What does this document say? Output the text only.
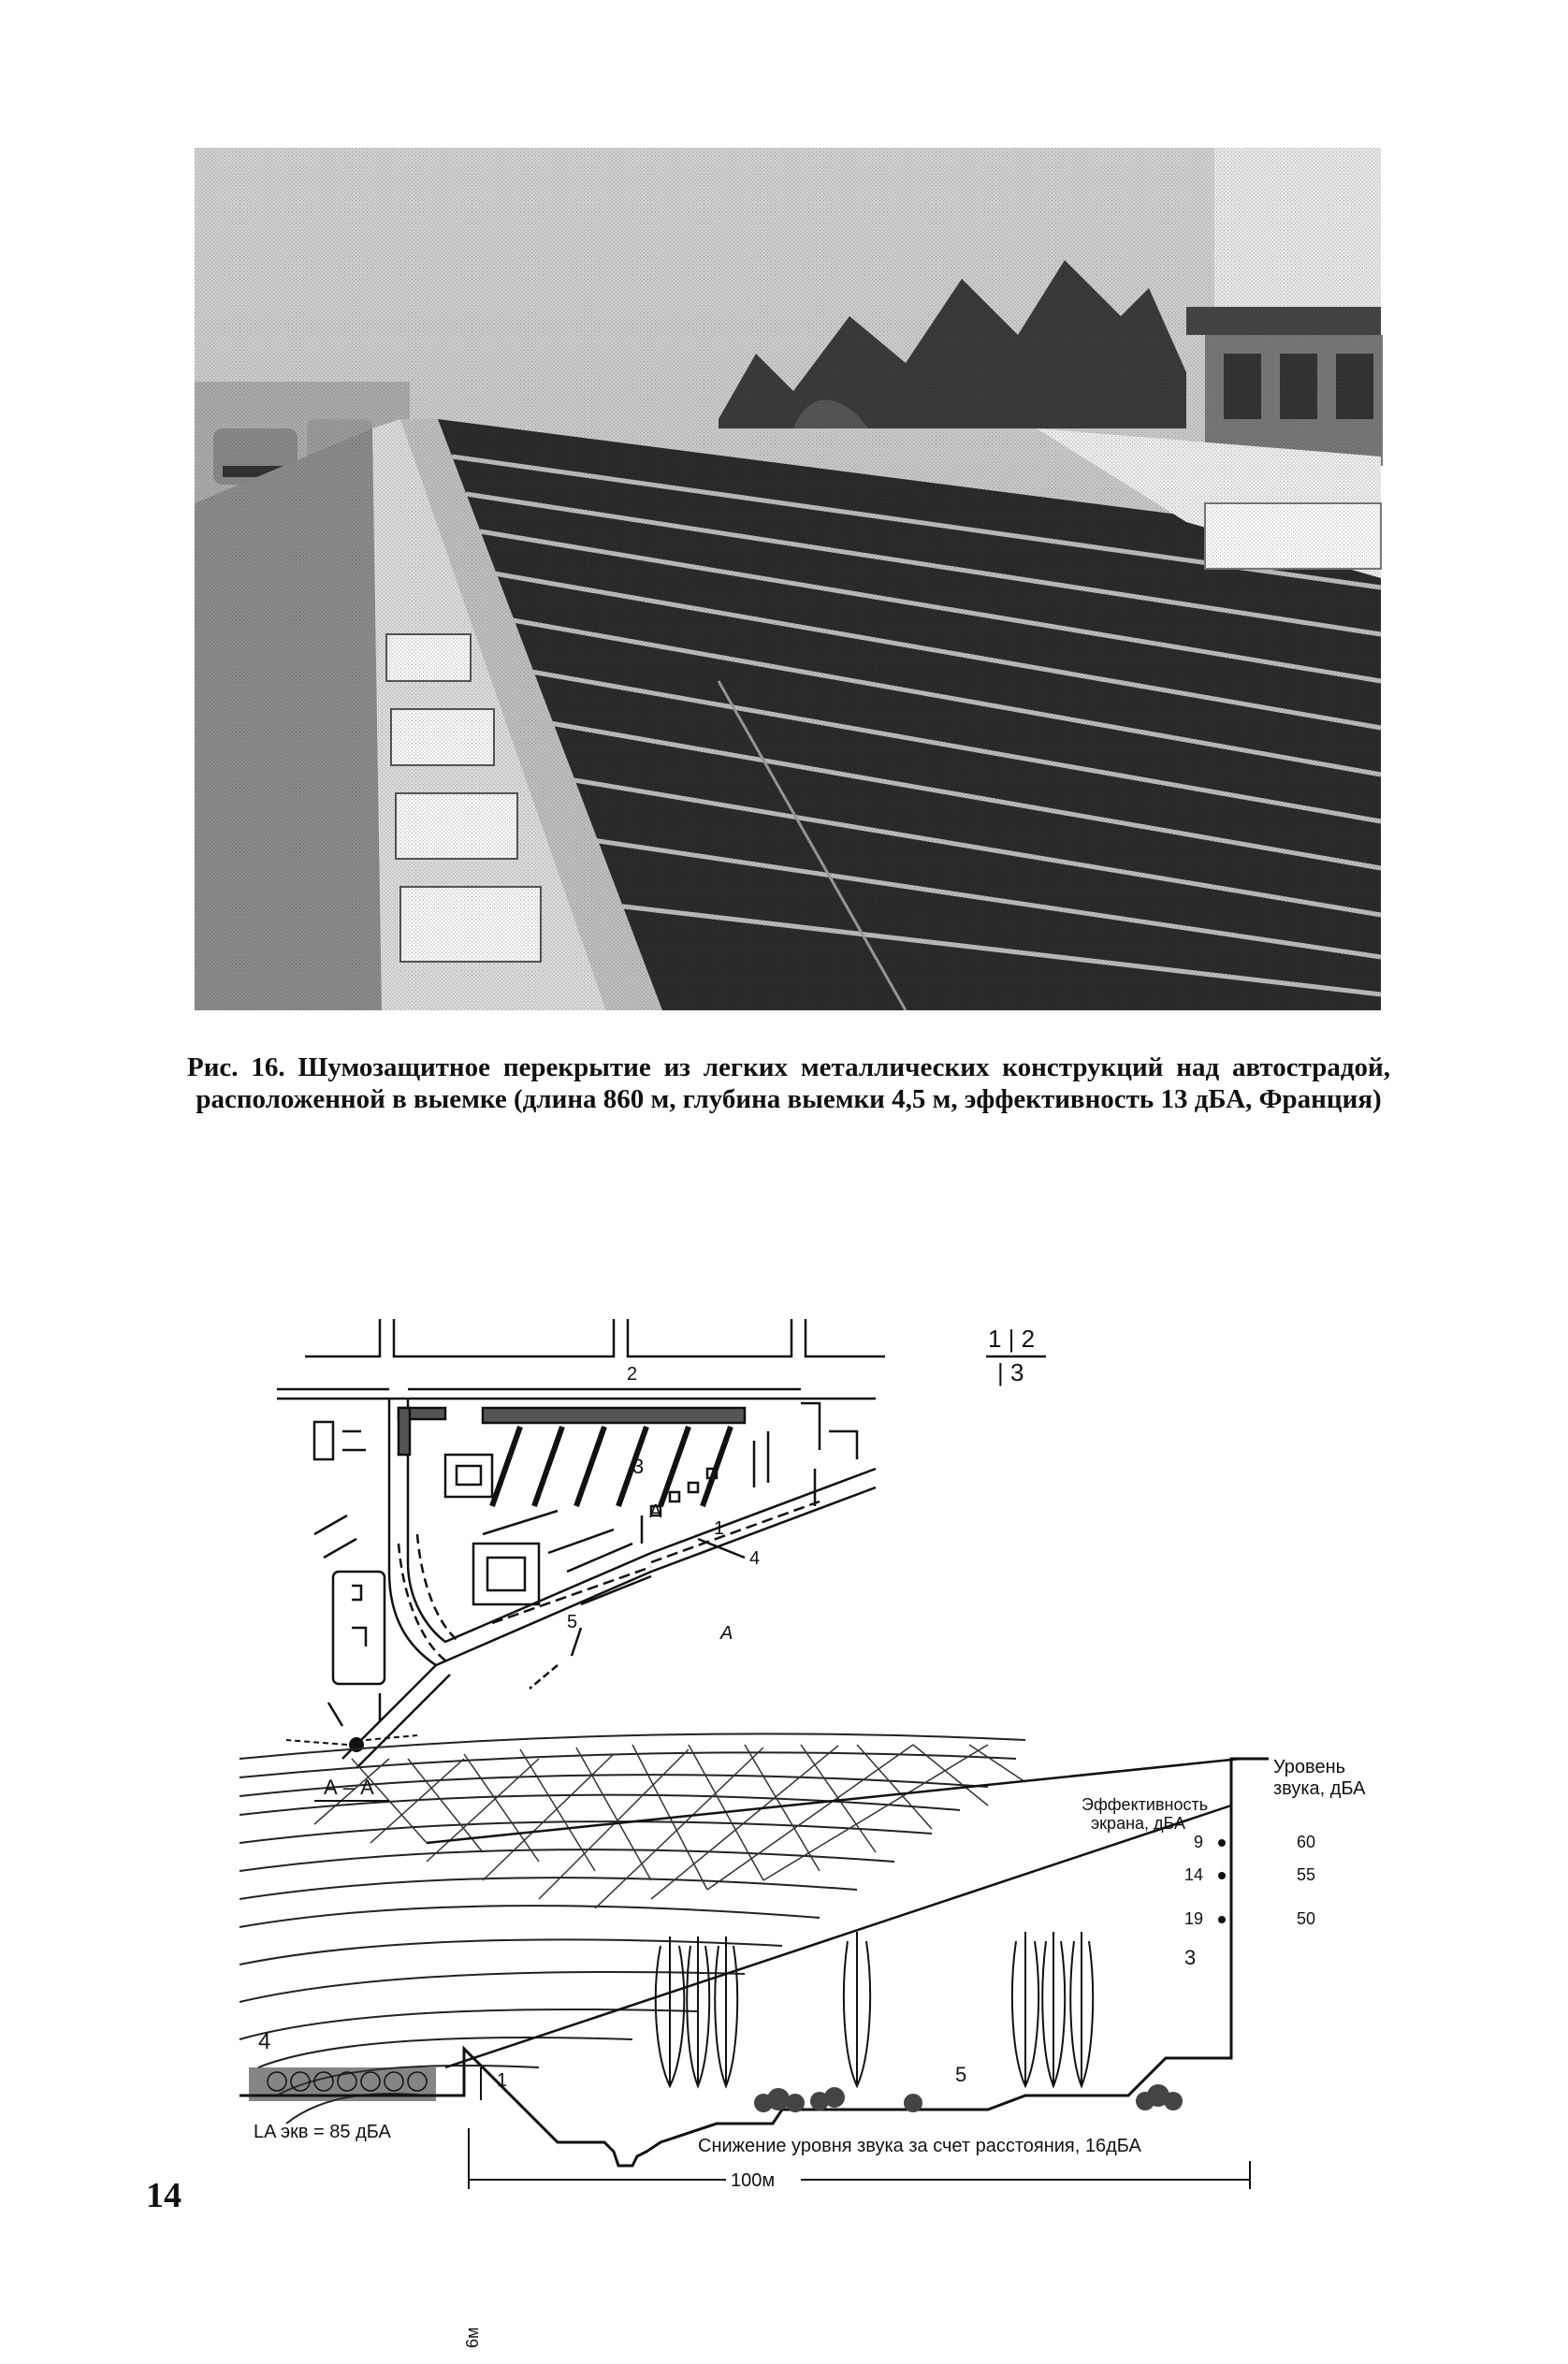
Рис. 16. Шумозащитное перекрытие из легких металлических конструкций над автострадой, расположенной в выемке (длина 860 м, глубина выемки 4,5 м, эффективность 13 дБА, Франция)
2
3
1
4
5
A
A
1 | 2
| 3
А – А
4
1
3
5
6м
LA экв = 85 дБА
Эффективность
экрана, дБА
Уровень
звука, дБА
9
14
19
60
55
50
Снижение уровня звука за счет расстояния, 16дБА
100м
14
